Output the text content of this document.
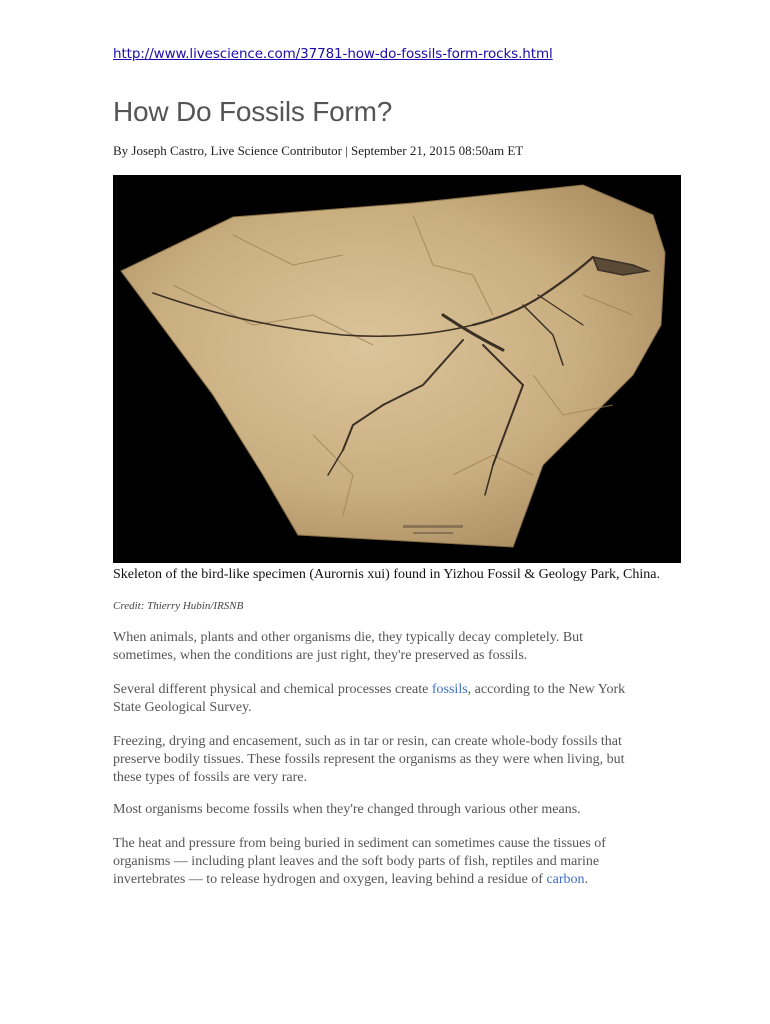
http://www.livescience.com/37781-how-do-fossils-form-rocks.html
How Do Fossils Form?
By Joseph Castro, Live Science Contributor | September 21, 2015 08:50am ET

Skeleton of the bird-like specimen (Aurornis xui) found in Yizhou Fossil & Geology Park, China.

Credit: Thierry Hubin/IRSNB

When animals, plants and other organisms die, they typically decay completely. But sometimes, when the conditions are just right, they're preserved as fossils.

Several different physical and chemical processes create fossils, according to the New York State Geological Survey.

Freezing, drying and encasement, such as in tar or resin, can create whole-body fossils that preserve bodily tissues. These fossils represent the organisms as they were when living, but these types of fossils are very rare.

Most organisms become fossils when they're changed through various other means.

The heat and pressure from being buried in sediment can sometimes cause the tissues of organisms — including plant leaves and the soft body parts of fish, reptiles and marine invertebrates — to release hydrogen and oxygen, leaving behind a residue of carbon.
